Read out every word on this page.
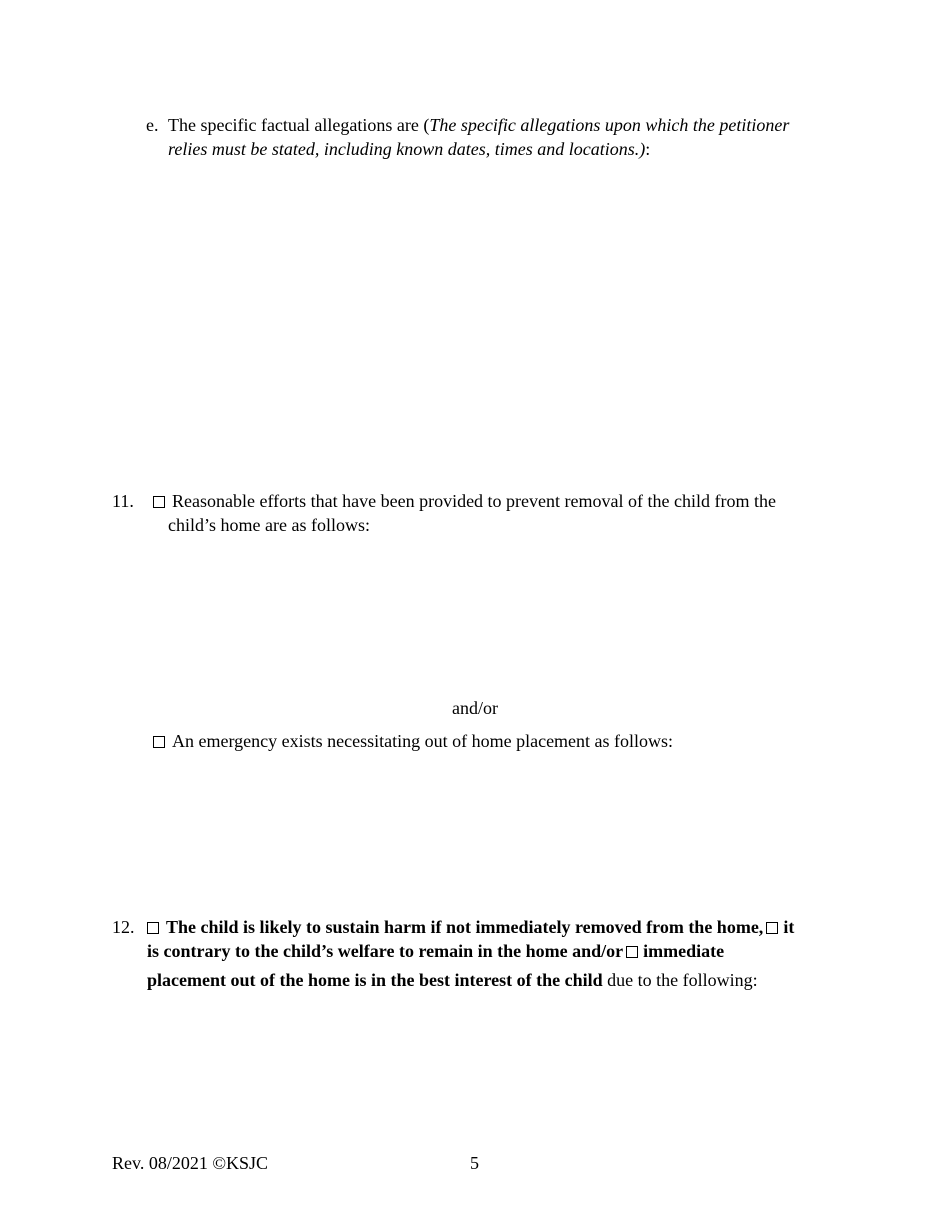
e. The specific factual allegations are (The specific allegations upon which the petitioner
relies must be stated, including known dates, times and locations.):
11.	Reasonable efforts that have been provided to prevent removal of the child from the
child’s home are as follows:
and/or
An emergency exists necessitating out of home placement as follows:
12.	The child is likely to sustain harm if not immediately removed from the home, it
is contrary to the child’s welfare to remain in the home and/or immediate
placement out of the home is in the best interest of the child due to the following:
Rev. 08/2021 ©KSJC	5
